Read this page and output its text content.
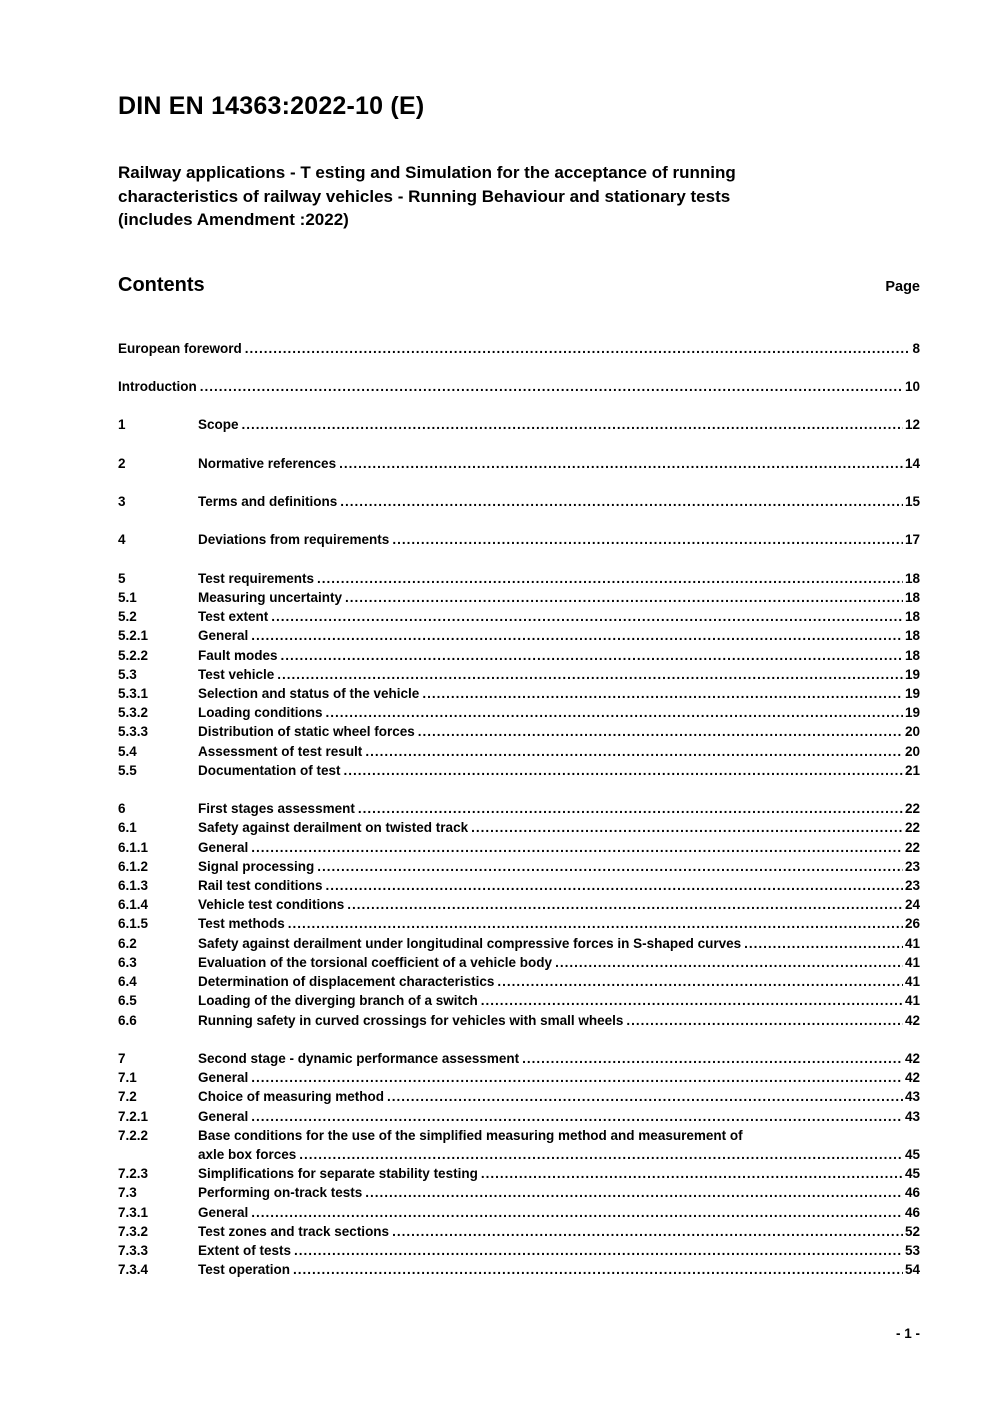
DIN EN 14363:2022-10 (E)
Railway applications - T esting and Simulation for the acceptance of running
characteristics of railway vehicles - Running Behaviour and stationary tests
(includes Amendment :2022)
Contents	Page
European foreword .....	8
Introduction .....	10
1	Scope .....	12
2	Normative references .....	14
3	Terms and definitions .....	15
4	Deviations from requirements .....	17
5	Test requirements .....	18
5.1	Measuring uncertainty .....	18
5.2	Test extent .....	18
5.2.1	General .....	18
5.2.2	Fault modes .....	18
5.3	Test vehicle .....	19
5.3.1	Selection and status of the vehicle .....	19
5.3.2	Loading conditions .....	19
5.3.3	Distribution of static wheel forces .....	20
5.4	Assessment of test result .....	20
5.5	Documentation of test .....	21
6	First stages assessment .....	22
6.1	Safety against derailment on twisted track .....	22
6.1.1	General .....	22
6.1.2	Signal processing .....	23
6.1.3	Rail test conditions .....	23
6.1.4	Vehicle test conditions .....	24
6.1.5	Test methods .....	26
6.2	Safety against derailment under longitudinal compressive forces in S-shaped curves .....	41
6.3	Evaluation of the torsional coefficient of a vehicle body .....	41
6.4	Determination of displacement characteristics .....	41
6.5	Loading of the diverging branch of a switch .....	41
6.6	Running safety in curved crossings for vehicles with small wheels .....	42
7	Second stage - dynamic performance assessment .....	42
7.1	General .....	42
7.2	Choice of measuring method .....	43
7.2.1	General .....	43
7.2.2	Base conditions for the use of the simplified measuring method and measurement of
axle box forces .....	45
7.2.3	Simplifications for separate stability testing .....	45
7.3	Performing on-track tests .....	46
7.3.1	General .....	46
7.3.2	Test zones and track sections .....	52
7.3.3	Extent of tests .....	53
7.3.4	Test operation .....	54
- 1 -
